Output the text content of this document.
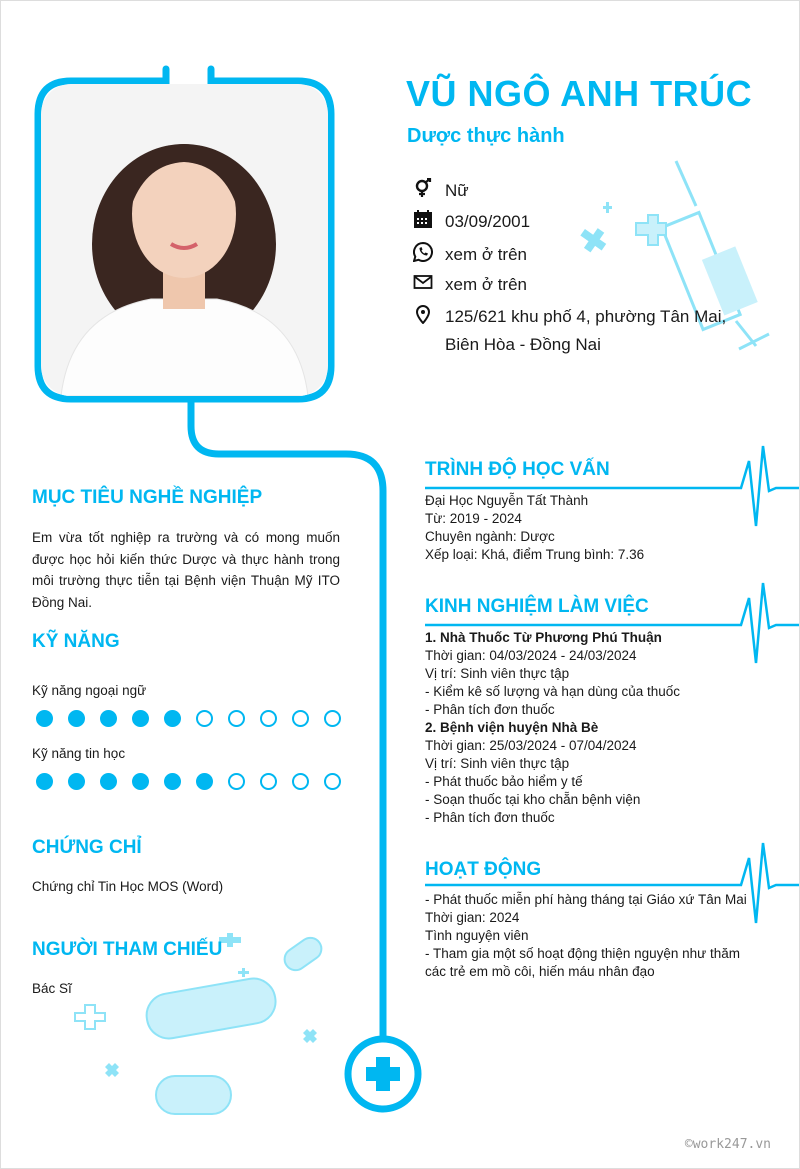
VŨ NGÔ ANH TRÚC
Dược thực hành
Nữ
03/09/2001
xem ở trên
xem ở trên
125/621 khu phố 4, phường Tân Mai,
Biên Hòa - Đồng Nai
MỤC TIÊU NGHỀ NGHIỆP
Em vừa tốt nghiệp ra trường và có mong muốn được học hỏi kiến thức Dược và thực hành trong môi trường thực tiễn tại Bệnh viện Thuận Mỹ ITO Đồng Nai.
KỸ NĂNG
Kỹ năng ngoại ngữ
Kỹ năng tin học
CHỨNG CHỈ
Chứng chỉ Tin Học MOS (Word)
NGƯỜI THAM CHIẾU
Bác Sĩ
TRÌNH ĐỘ HỌC VẤN
Đại Học Nguyễn Tất Thành
Từ: 2019 - 2024
Chuyên ngành: Dược
Xếp loại: Khá, điểm Trung bình: 7.36
KINH NGHIỆM LÀM VIỆC
1. Nhà Thuốc Từ Phương Phú Thuận
Thời gian: 04/03/2024 - 24/03/2024
Vị trí: Sinh viên thực tập
- Kiểm kê số lượng và hạn dùng của thuốc
- Phân tích đơn thuốc
2. Bệnh viện huyện Nhà Bè
Thời gian: 25/03/2024 - 07/04/2024
Vị trí: Sinh viên thực tập
- Phát thuốc bảo hiểm y tế
- Soạn thuốc tại kho chẵn bệnh viện
- Phân tích đơn thuốc
HOẠT ĐỘNG
- Phát thuốc miễn phí hàng tháng tại Giáo xứ Tân Mai
Thời gian: 2024
Tình nguyện viên
- Tham gia một số hoạt động thiện nguyện như thăm các trẻ em mồ côi, hiến máu nhân đạo
©work247.vn
